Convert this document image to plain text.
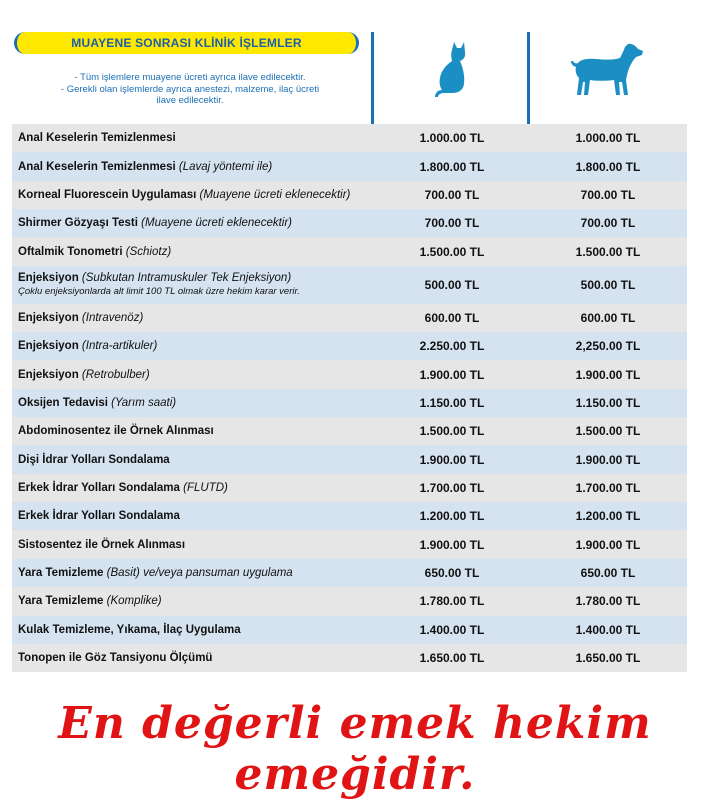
MUAYENE SONRASI KLİNİK İŞLEMLER
- Tüm işlemlere muayene ücreti ayrıca ilave edilecektir.
- Gerekli olan işlemlerde ayrıca anestezi, malzeme, ilaç ücreti
ilave edilecektir.
Anal Keselerin Temizlenmesi	1.000.00 TL	1.000.00 TL
Anal Keselerin Temizlenmesi (Lavaj yöntemi ile)	1.800.00 TL	1.800.00 TL
Korneal Fluorescein Uygulaması (Muayene ücreti eklenecektir)	700.00 TL	700.00 TL
Shirmer Gözyaşı Testi (Muayene ücreti eklenecektir)	700.00 TL	700.00 TL
Oftalmik Tonometri (Schiotz)	1.500.00 TL	1.500.00 TL
Enjeksiyon (Subkutan Intramuskuler Tek Enjeksiyon)
Çoklu enjeksiyonlarda alt limit 100 TL olmak üzre hekim karar verir.	500.00 TL	500.00 TL
Enjeksiyon (Intravenöz)	600.00 TL	600.00 TL
Enjeksiyon (Intra-artikuler)	2.250.00 TL	2,250.00 TL
Enjeksiyon (Retrobulber)	1.900.00 TL	1.900.00 TL
Oksijen Tedavisi (Yarım saati)	1.150.00 TL	1.150.00 TL
Abdominosentez ile Örnek Alınması	1.500.00 TL	1.500.00 TL
Dişi İdrar Yolları Sondalama	1.900.00 TL	1.900.00 TL
Erkek İdrar Yolları Sondalama (FLUTD)	1.700.00 TL	1.700.00 TL
Erkek İdrar Yolları Sondalama	1.200.00 TL	1.200.00 TL
Sistosentez ile Örnek Alınması	1.900.00 TL	1.900.00 TL
Yara Temizleme (Basit) ve/veya pansuman uygulama	650.00 TL	650.00 TL
Yara Temizleme (Komplike)	1.780.00 TL	1.780.00 TL
Kulak Temizleme, Yıkama, İlaç Uygulama	1.400.00 TL	1.400.00 TL
Tonopen ile Göz Tansiyonu Ölçümü	1.650.00 TL	1.650.00 TL
En değerli emek hekim emeğidir.
